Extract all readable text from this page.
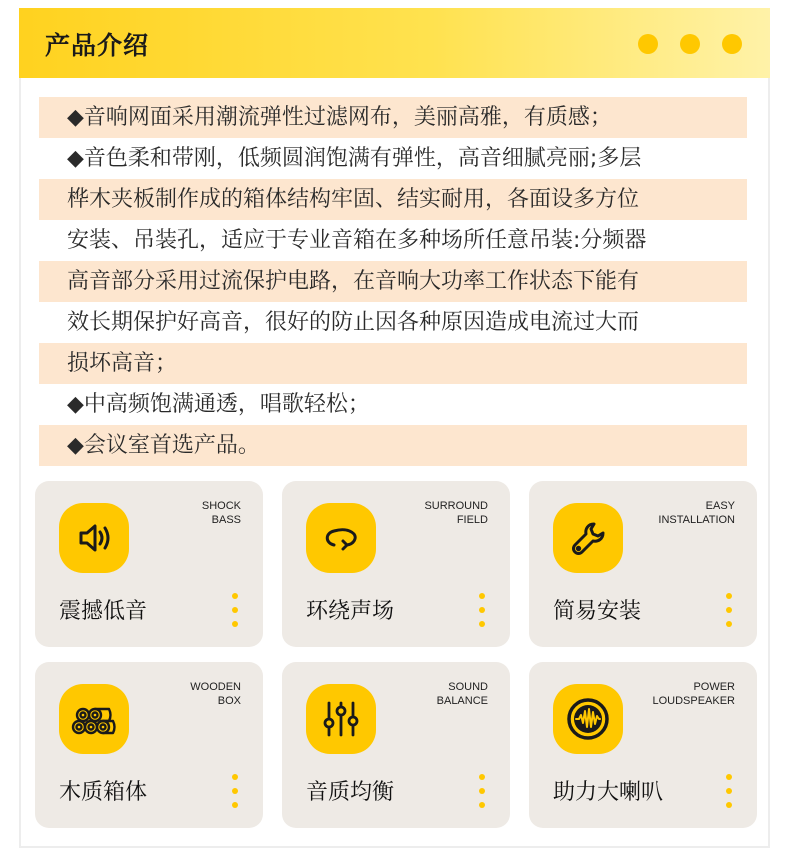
产品介绍
◆音响网面采用潮流弹性过滤网布，美丽高雅，有质感；
◆音色柔和带刚，低频圆润饱满有弹性，高音细腻亮丽;多层
桦木夹板制作成的箱体结构牢固、结实耐用，各面设多方位
安装、吊装孔，适应于专业音箱在多种场所任意吊装:分频器
高音部分采用过流保护电路，在音响大功率工作状态下能有
效长期保护好高音，很好的防止因各种原因造成电流过大而
损坏高音；
◆中高频饱满通透，唱歌轻松；
◆会议室首选产品。
SHOCK
BASS
震撼低音
SURROUND
FIELD
环绕声场
EASY
INSTALLATION
简易安装
WOODEN
BOX
木质箱体
SOUND
BALANCE
音质均衡
POWER
LOUDSPEAKER
助力大喇叭
